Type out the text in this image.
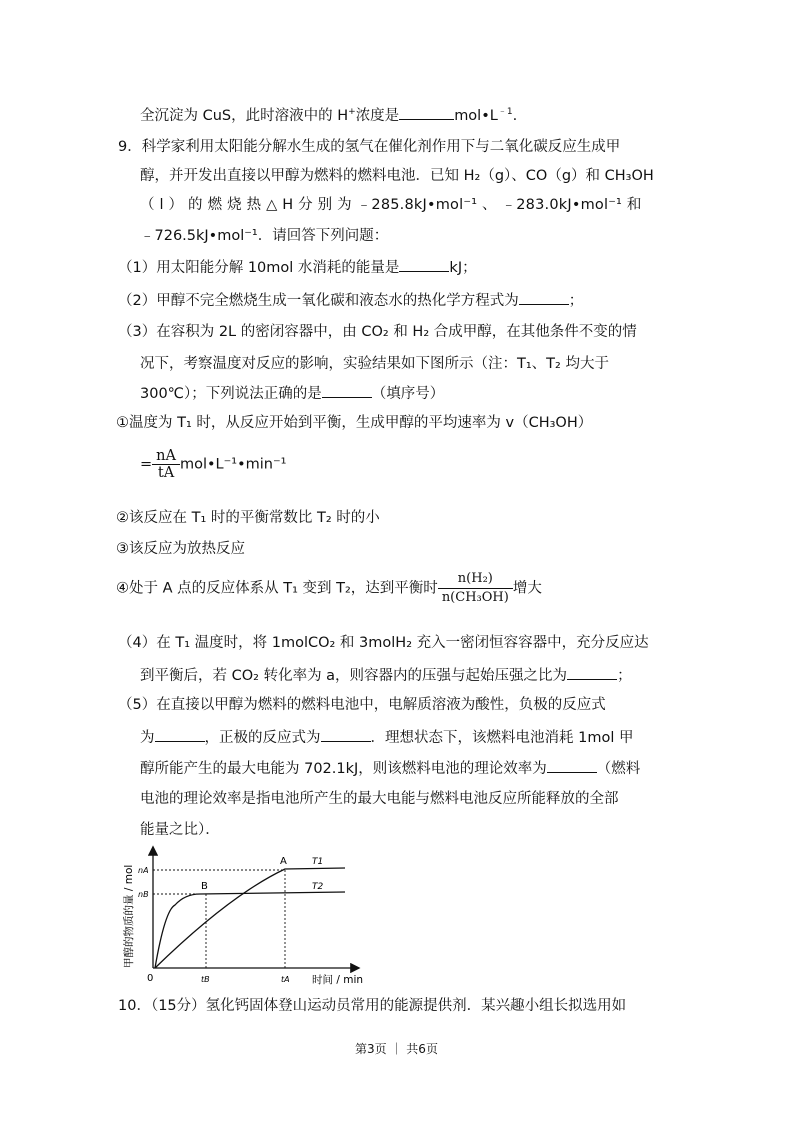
全沉淀为 CuS，此时溶液中的 H+浓度是	$mol•L^{﹣1}$.
9．科学家利用太阳能分解水生成的氢气在催化剂作用下与二氧化碳反应生成甲
醇，并开发出直接以甲醇为燃料的燃料电池．已知 H₂（g）、CO（g）和 CH₃OH
（ l ） 的 燃 烧 热 △ H 分 别 为 ﹣285.8kJ•mol⁻¹ 、 ﹣283.0kJ•mol⁻¹ 和
﹣726.5kJ•mol⁻¹．请回答下列问题：
（1）用太阳能分解 10mol 水消耗的能量是	kJ；
（2）甲醇不完全燃烧生成一氧化碳和液态水的热化学方程式为	；
（3）在容积为 2L 的密闭容器中，由 CO₂ 和 H₂ 合成甲醇，在其他条件不变的情
况下，考察温度对反应的影响，实验结果如下图所示（注：T₁、T₂ 均大于
300℃）；下列说法正确的是	（填序号）
①温度为 T₁ 时，从反应开始到平衡，生成甲醇的平均速率为 v（CH₃OH）
= $\frac{nA}{tA}$ mol•L⁻¹•min⁻¹
②该反应在 T₁ 时的平衡常数比 T₂ 时的小
③该反应为放热反应
④处于 A 点的反应体系从 T₁ 变到 T₂，达到平衡时 $\frac{\text{n(H₂)}}{\text{n(CH₃OH)}}$ 增大
（4）在 T₁ 温度时，将 1molCO₂ 和 3molH₂ 充入一密闭恒容容器中，充分反应达
到平衡后，若 CO₂ 转化率为 a，则容器内的压强与起始压强之比为	；
（5）在直接以甲醇为燃料的燃料电池中，电解质溶液为酸性，负极的反应式
为	，正极的反应式为	．理想状态下，该燃料电池消耗 1mol 甲
醇所能产生的最大电能为 702.1kJ，则该燃料电池的理论效率为	（燃料
电池的理论效率是指电池所产生的最大电能与燃料电池反应所能释放的全部
能量之比）．
甲醇的物质的量 / mol
时间 / min
0
nA
nB
tB	tA
A
B
T1
T2
10．（15分）氢化钙固体登山运动员常用的能源提供剂．某兴趣小组长拟选用如
第3页 ｜ 共6页
